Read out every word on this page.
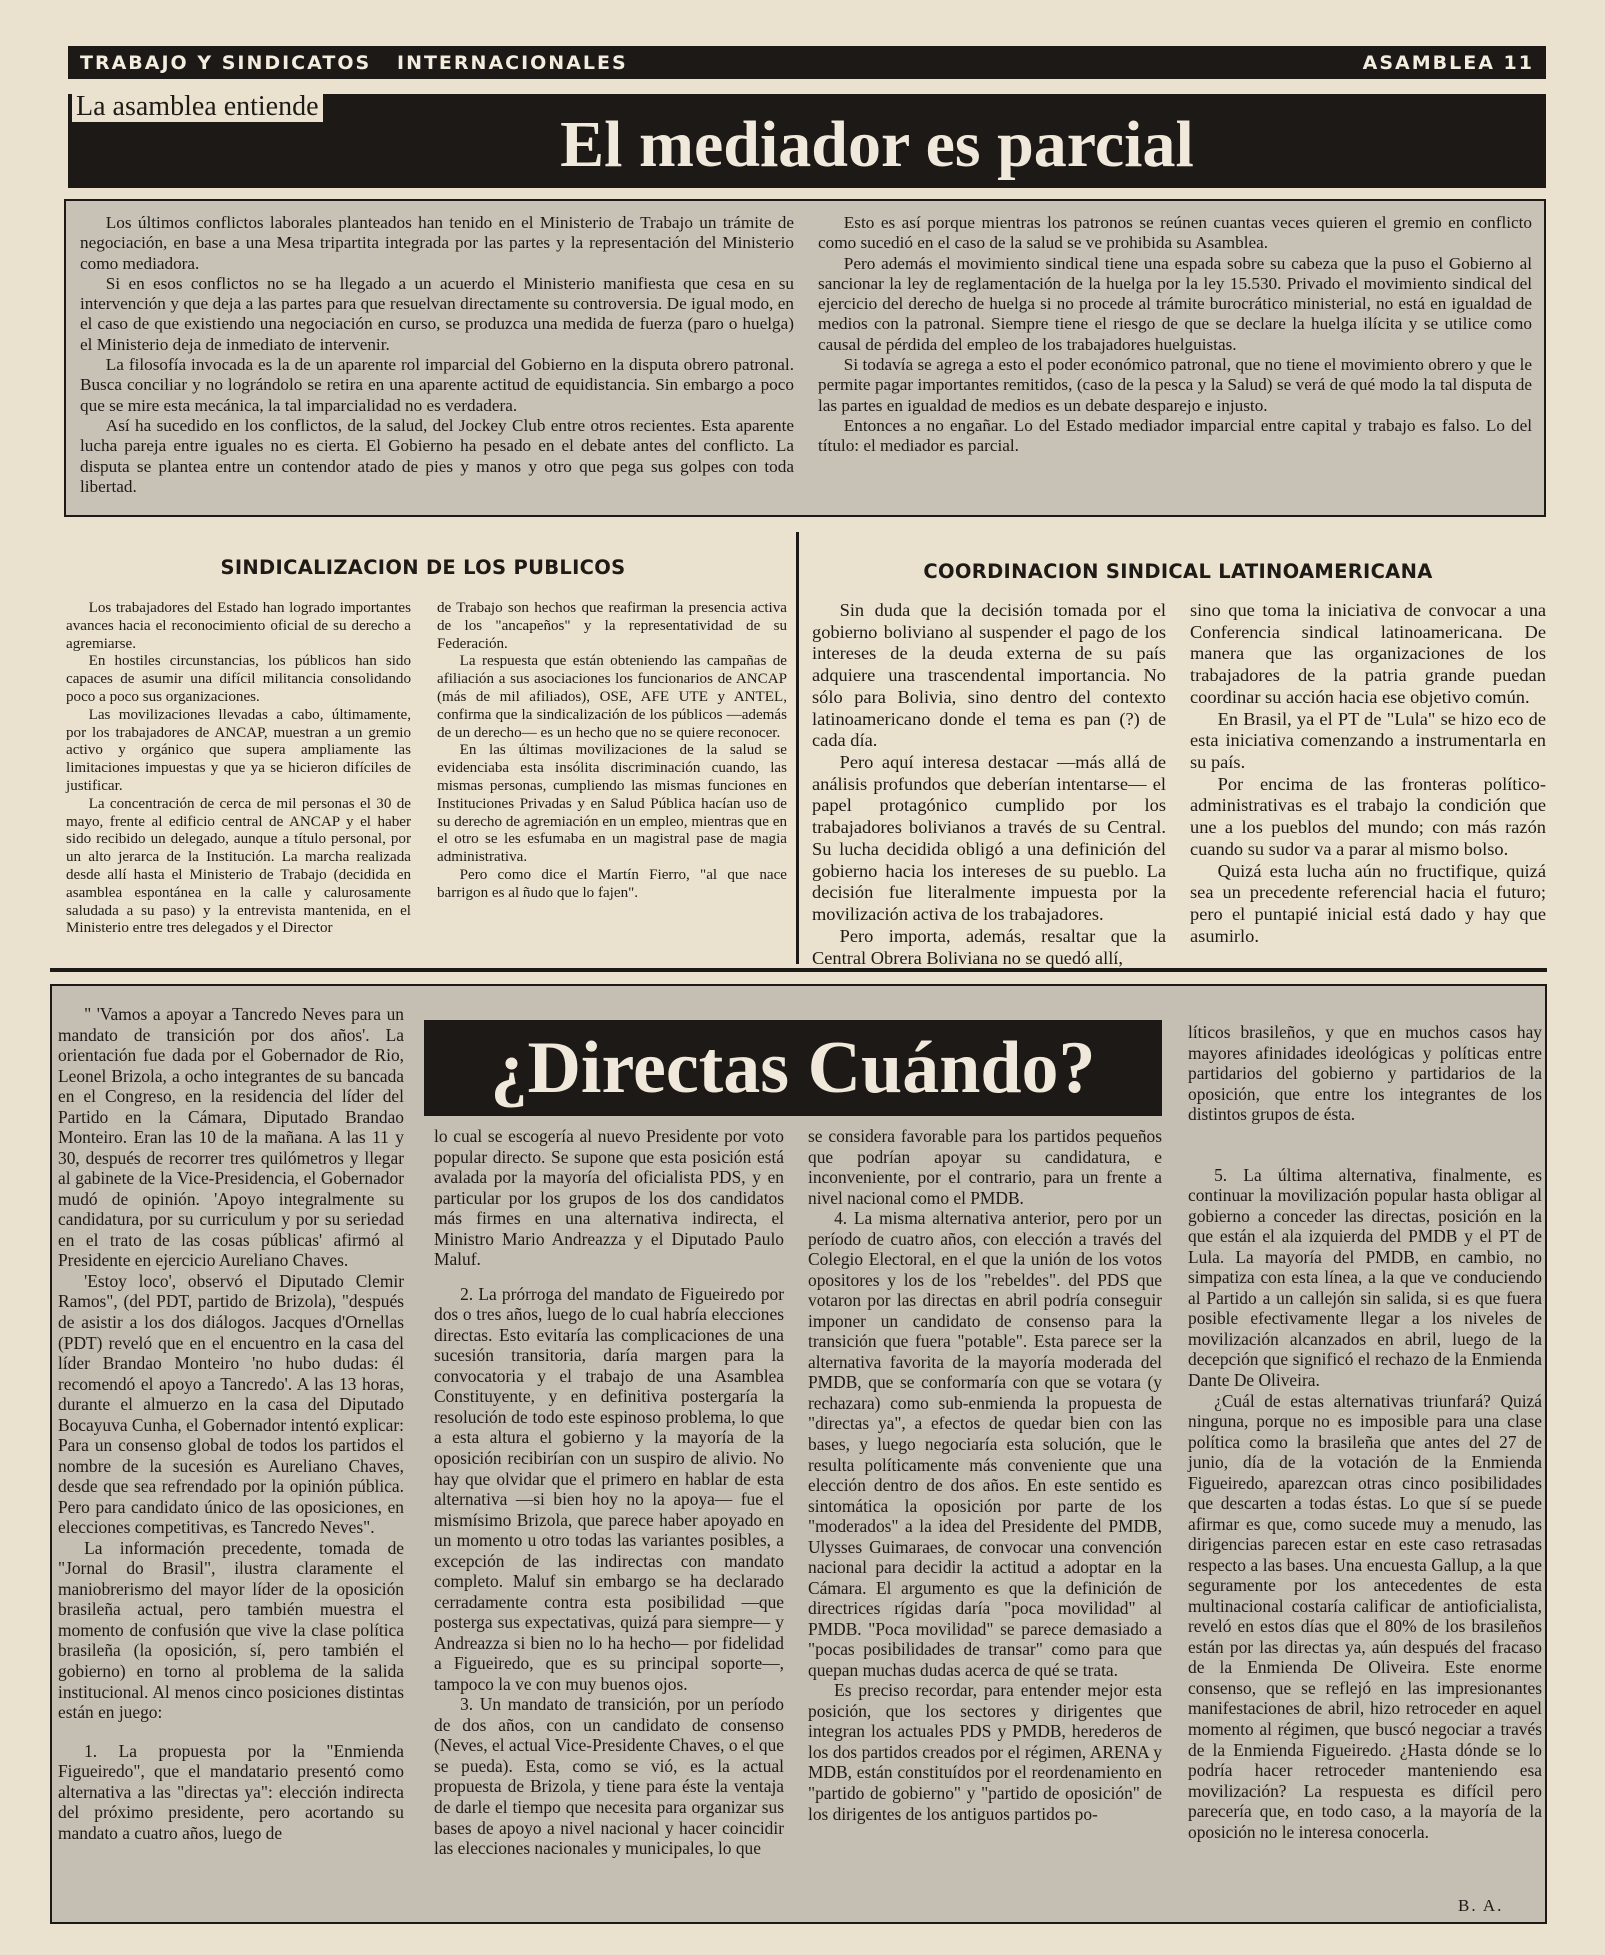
TRABAJO Y SINDICATOS   INTERNACIONALES	ASAMBLEA 11
El mediador es parcial
La asamblea entiende

Los últimos conflictos laborales planteados han tenido en el Ministerio de Trabajo un trámite de negociación, en base a una Mesa tripartita integrada por las partes y la representación del Ministerio como mediadora.

Si en esos conflictos no se ha llegado a un acuerdo el Ministerio manifiesta que cesa en su intervención y que deja a las partes para que resuelvan directamente su controversia. De igual modo, en el caso de que existiendo una negociación en curso, se produzca una medida de fuerza (paro o huelga) el Ministerio deja de inmediato de intervenir.

La filosofía invocada es la de un aparente rol imparcial del Gobierno en la disputa obrero patronal. Busca conciliar y no lográndolo se retira en una aparente actitud de equidistancia. Sin embargo a poco que se mire esta mecánica, la tal imparcialidad no es verdadera.

Así ha sucedido en los conflictos, de la salud, del Jockey Club entre otros recientes. Esta aparente lucha pareja entre iguales no es cierta. El Gobierno ha pesado en el debate antes del conflicto. La disputa se plantea entre un contendor atado de pies y manos y otro que pega sus golpes con toda libertad.

Esto es así porque mientras los patronos se reúnen cuantas veces quieren el gremio en conflicto como sucedió en el caso de la salud se ve prohibida su Asamblea.

Pero además el movimiento sindical tiene una espada sobre su cabeza que la puso el Gobierno al sancionar la ley de reglamentación de la huelga por la ley 15.530. Privado el movimiento sindical del ejercicio del derecho de huelga si no procede al trámite burocrático ministerial, no está en igualdad de medios con la patronal. Siempre tiene el riesgo de que se declare la huelga ilícita y se utilice como causal de pérdida del empleo de los trabajadores huelguistas.

Si todavía se agrega a esto el poder económico patronal, que no tiene el movimiento obrero y que le permite pagar importantes remitidos, (caso de la pesca y la Salud) se verá de qué modo la tal disputa de las partes en igualdad de medios es un debate desparejo e injusto.

Entonces a no engañar. Lo del Estado mediador imparcial entre capital y trabajo es falso. Lo del título: el mediador es parcial.

SINDICALIZACION DE LOS PUBLICOS

Los trabajadores del Estado han logrado importantes avances hacia el reconocimiento oficial de su derecho a agremiarse.

En hostiles circunstancias, los públicos han sido capaces de asumir una difícil militancia consolidando poco a poco sus organizaciones.

Las movilizaciones llevadas a cabo, últimamente, por los trabajadores de ANCAP, muestran a un gremio activo y orgánico que supera ampliamente las limitaciones impuestas y que ya se hicieron difíciles de justificar.

La concentración de cerca de mil personas el 30 de mayo, frente al edificio central de ANCAP y el haber sido recibido un delegado, aunque a título personal, por un alto jerarca de la Institución. La marcha realizada desde allí hasta el Ministerio de Trabajo (decidida en asamblea espontánea en la calle y calurosamente saludada a su paso) y la entrevista mantenida, en el Ministerio entre tres delegados y el Director

de Trabajo son hechos que reafirman la presencia activa de los "ancapeños" y la representatividad de su Federación.

La respuesta que están obteniendo las campañas de afiliación a sus asociaciones los funcionarios de ANCAP (más de mil afiliados), OSE, AFE UTE y ANTEL, confirma que la sindicalización de los públicos —además de un derecho— es un hecho que no se quiere reconocer.

En las últimas movilizaciones de la salud se evidenciaba esta insólita discriminación cuando, las mismas personas, cumpliendo las mismas funciones en Instituciones Privadas y en Salud Pública hacían uso de su derecho de agremiación en un empleo, mientras que en el otro se les esfumaba en un magistral pase de magia administrativa.

Pero como dice el Martín Fierro, "al que nace barrigon es al ñudo que lo fajen".

COORDINACION SINDICAL LATINOAMERICANA

Sin duda que la decisión tomada por el gobierno boliviano al suspender el pago de los intereses de la deuda externa de su país adquiere una trascendental importancia. No sólo para Bolivia, sino dentro del contexto latinoamericano donde el tema es pan (?) de cada día.

Pero aquí interesa destacar —más allá de análisis profundos que deberían intentarse— el papel protagónico cumplido por los trabajadores bolivianos a través de su Central. Su lucha decidida obligó a una definición del gobierno hacia los intereses de su pueblo. La decisión fue literalmente impuesta por la movilización activa de los trabajadores.

Pero importa, además, resaltar que la Central Obrera Boliviana no se quedó allí,

sino que toma la iniciativa de convocar a una Conferencia sindical latinoamericana. De manera que las organizaciones de los trabajadores de la patria grande puedan coordinar su acción hacia ese objetivo común.

En Brasil, ya el PT de "Lula" se hizo eco de esta iniciativa comenzando a instrumentarla en su país.

Por encima de las fronteras político-administrativas es el trabajo la condición que une a los pueblos del mundo; con más razón cuando su sudor va a parar al mismo bolso.

Quizá esta lucha aún no fructifique, quizá sea un precedente referencial hacia el futuro; pero el puntapié inicial está dado y hay que asumirlo.

¿Directas Cuándo?

" 'Vamos a apoyar a Tancredo Neves para un mandato de transición por dos años'. La orientación fue dada por el Gobernador de Rio, Leonel Brizola, a ocho integrantes de su bancada en el Congreso, en la residencia del líder del Partido en la Cámara, Diputado Brandao Monteiro. Eran las 10 de la mañana. A las 11 y 30, después de recorrer tres quilómetros y llegar al gabinete de la Vice-Presidencia, el Gobernador mudó de opinión. 'Apoyo integralmente su candidatura, por su curriculum y por su seriedad en el trato de las cosas públicas' afirmó al Presidente en ejercicio Aureliano Chaves.

'Estoy loco', observó el Diputado Clemir Ramos", (del PDT, partido de Brizola), "después de asistir a los dos diálogos. Jacques d'Ornellas (PDT) reveló que en el encuentro en la casa del líder Brandao Monteiro 'no hubo dudas: él recomendó el apoyo a Tancredo'. A las 13 horas, durante el almuerzo en la casa del Diputado Bocayuva Cunha, el Gobernador intentó explicar: Para un consenso global de todos los partidos el nombre de la sucesión es Aureliano Chaves, desde que sea refrendado por la opinión pública. Pero para candidato único de las oposiciones, en elecciones competitivas, es Tancredo Neves".

La información precedente, tomada de "Jornal do Brasil", ilustra claramente el maniobrerismo del mayor líder de la oposición brasileña actual, pero también muestra el momento de confusión que vive la clase política brasileña (la oposición, sí, pero también el gobierno) en torno al problema de la salida institucional. Al menos cinco posiciones distintas están en juego:

1. La propuesta por la "Enmienda Figueiredo", que el mandatario presentó como alternativa a las "directas ya": elección indirecta del próximo presidente, pero acortando su mandato a cuatro años, luego de

lo cual se escogería al nuevo Presidente por voto popular directo. Se supone que esta posición está avalada por la mayoría del oficialista PDS, y en particular por los grupos de los dos candidatos más firmes en una alternativa indirecta, el Ministro Mario Andreazza y el Diputado Paulo Maluf.

2. La prórroga del mandato de Figueiredo por dos o tres años, luego de lo cual habría elecciones directas. Esto evitaría las complicaciones de una sucesión transitoria, daría margen para la convocatoria y el trabajo de una Asamblea Constituyente, y en definitiva postergaría la resolución de todo este espinoso problema, lo que a esta altura el gobierno y la mayoría de la oposición recibirían con un suspiro de alivio. No hay que olvidar que el primero en hablar de esta alternativa —si bien hoy no la apoya— fue el mismísimo Brizola, que parece haber apoyado en un momento u otro todas las variantes posibles, a excepción de las indirectas con mandato completo. Maluf sin embargo se ha declarado cerradamente contra esta posibilidad —que posterga sus expectativas, quizá para siempre— y Andreazza si bien no lo ha hecho— por fidelidad a Figueiredo, que es su principal soporte—, tampoco la ve con muy buenos ojos.

3. Un mandato de transición, por un período de dos años, con un candidato de consenso (Neves, el actual Vice-Presidente Chaves, o el que se pueda). Esta, como se vió, es la actual propuesta de Brizola, y tiene para éste la ventaja de darle el tiempo que necesita para organizar sus bases de apoyo a nivel nacional y hacer coincidir las elecciones nacionales y municipales, lo que

se considera favorable para los partidos pequeños que podrían apoyar su candidatura, e inconveniente, por el contrario, para un frente a nivel nacional como el PMDB.

4. La misma alternativa anterior, pero por un período de cuatro años, con elección a través del Colegio Electoral, en el que la unión de los votos opositores y los de los "rebeldes". del PDS que votaron por las directas en abril podría conseguir imponer un candidato de consenso para la transición que fuera "potable". Esta parece ser la alternativa favorita de la mayoría moderada del PMDB, que se conformaría con que se votara (y rechazara) como sub-enmienda la propuesta de "directas ya", a efectos de quedar bien con las bases, y luego negociaría esta solución, que le resulta políticamente más conveniente que una elección dentro de dos años. En este sentido es sintomática la oposición por parte de los "moderados" a la idea del Presidente del PMDB, Ulysses Guimaraes, de convocar una convención nacional para decidir la actitud a adoptar en la Cámara. El argumento es que la definición de directrices rígidas daría "poca movilidad" al PMDB. "Poca movilidad" se parece demasiado a "pocas posibilidades de transar" como para que quepan muchas dudas acerca de qué se trata.

Es preciso recordar, para entender mejor esta posición, que los sectores y dirigentes que integran los actuales PDS y PMDB, herederos de los dos partidos creados por el régimen, ARENA y MDB, están constituídos por el reordenamiento en "partido de gobierno" y "partido de oposición" de los dirigentes de los antiguos partidos po-

líticos brasileños, y que en muchos casos hay mayores afinidades ideológicas y políticas entre partidarios del gobierno y partidarios de la oposición, que entre los integrantes de los distintos grupos de ésta.

5. La última alternativa, finalmente, es continuar la movilización popular hasta obligar al gobierno a conceder las directas, posición en la que están el ala izquierda del PMDB y el PT de Lula. La mayoría del PMDB, en cambio, no simpatiza con esta línea, a la que ve conduciendo al Partido a un callejón sin salida, si es que fuera posible efectivamente llegar a los niveles de movilización alcanzados en abril, luego de la decepción que significó el rechazo de la Enmienda Dante De Oliveira.

¿Cuál de estas alternativas triunfará? Quizá ninguna, porque no es imposible para una clase política como la brasileña que antes del 27 de junio, día de la votación de la Enmienda Figueiredo, aparezcan otras cinco posibilidades que descarten a todas éstas. Lo que sí se puede afirmar es que, como sucede muy a menudo, las dirigencias parecen estar en este caso retrasadas respecto a las bases. Una encuesta Gallup, a la que seguramente por los antecedentes de esta multinacional costaría calificar de antioficialista, reveló en estos días que el 80% de los brasileños están por las directas ya, aún después del fracaso de la Enmienda De Oliveira. Este enorme consenso, que se reflejó en las impresionantes manifestaciones de abril, hizo retroceder en aquel momento al régimen, que buscó negociar a través de la Enmienda Figueiredo. ¿Hasta dónde se lo podría hacer retroceder manteniendo esa movilización? La respuesta es difícil pero parecería que, en todo caso, a la mayoría de la oposición no le interesa conocerla.

B. A.
